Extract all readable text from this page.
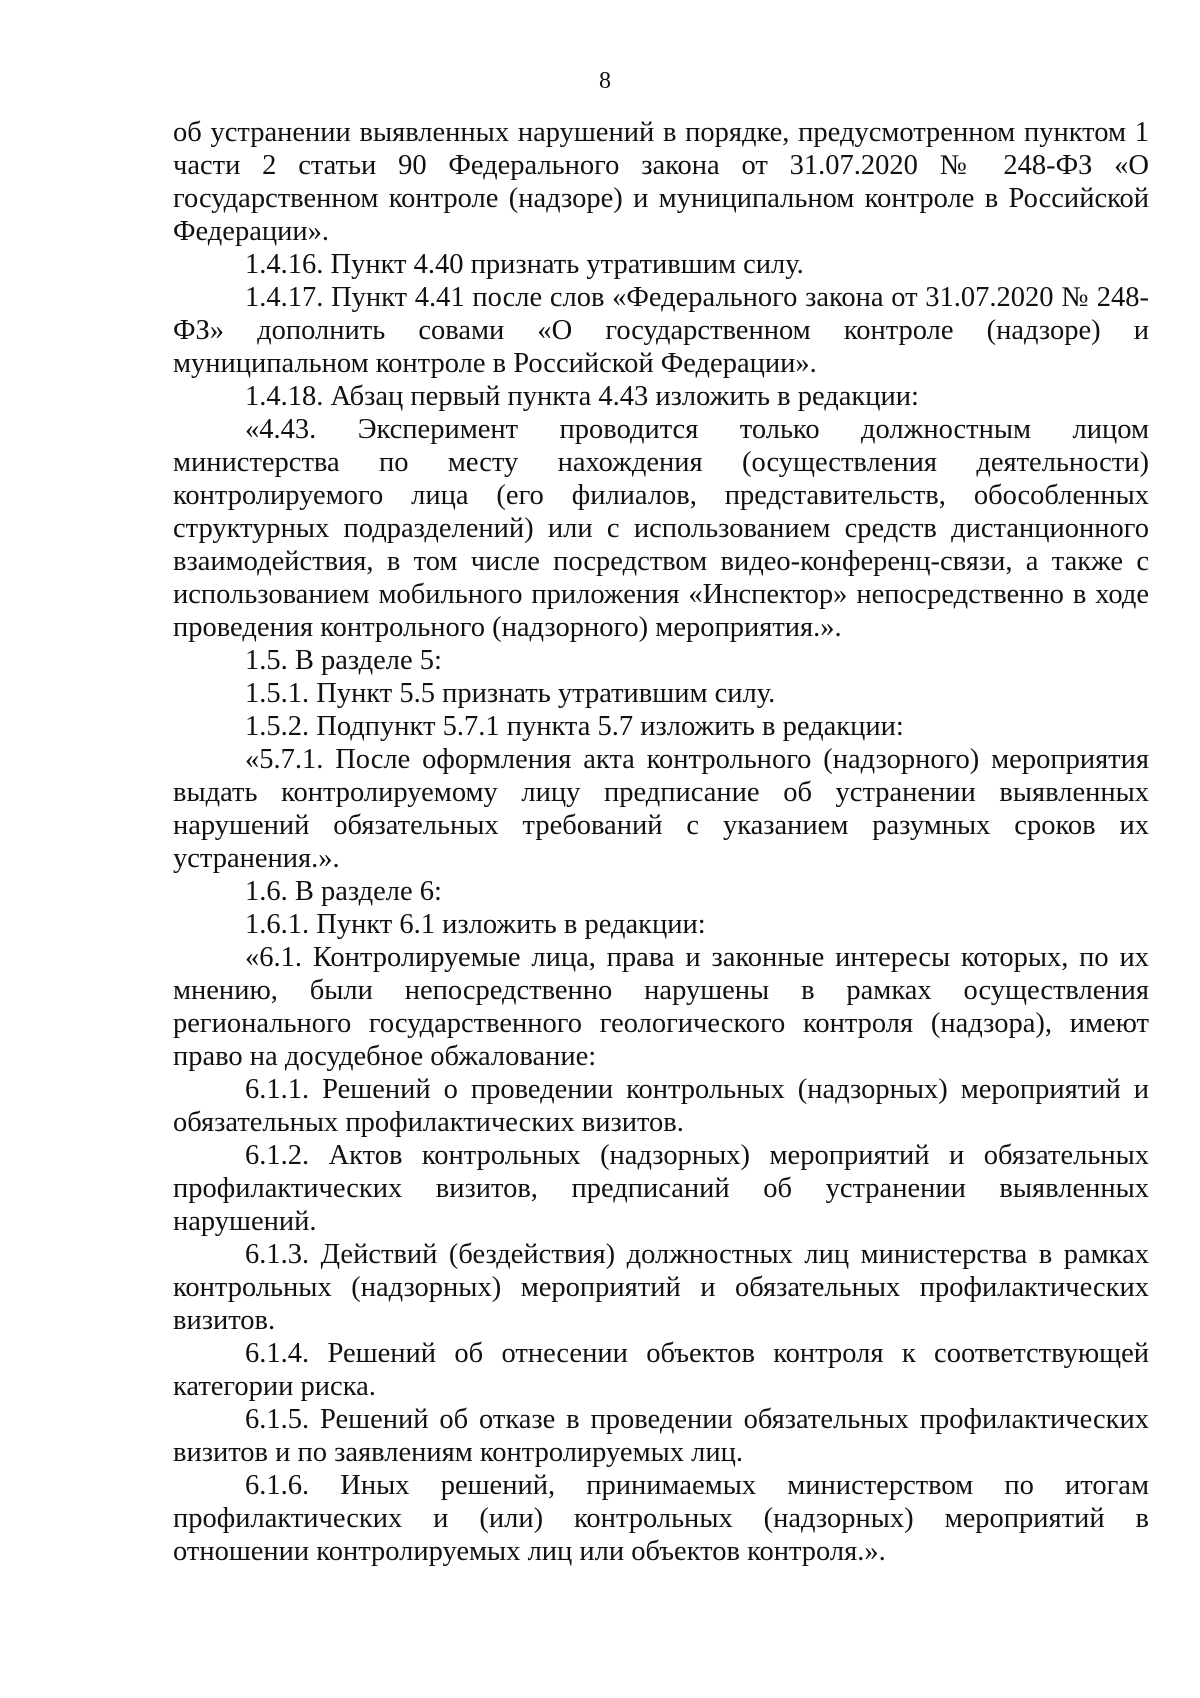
8

об устранении выявленных нарушений в порядке, предусмотренном пунктом 1 части 2 статьи 90 Федерального закона от 31.07.2020 № 248-ФЗ «О государственном контроле (надзоре) и муниципальном контроле в Российской Федерации».

1.4.16. Пункт 4.40 признать утратившим силу.

1.4.17. Пункт 4.41 после слов «Федерального закона от 31.07.2020 № 248-ФЗ» дополнить совами «О государственном контроле (надзоре) и муниципальном контроле в Российской Федерации».

1.4.18. Абзац первый пункта 4.43 изложить в редакции:

«4.43. Эксперимент проводится только должностным лицом министерства по месту нахождения (осуществления деятельности) контролируемого лица (его филиалов, представительств, обособленных структурных подразделений) или с использованием средств дистанционного взаимодействия, в том числе посредством видео-конференц-связи, а также с использованием мобильного приложения «Инспектор» непосредственно в ходе проведения контрольного (надзорного) мероприятия.».

1.5. В разделе 5:

1.5.1. Пункт 5.5 признать утратившим силу.

1.5.2. Подпункт 5.7.1 пункта 5.7 изложить в редакции:

«5.7.1. После оформления акта контрольного (надзорного) мероприятия выдать контролируемому лицу предписание об устранении выявленных нарушений обязательных требований с указанием разумных сроков их устранения.».

1.6. В разделе 6:

1.6.1. Пункт 6.1 изложить в редакции:

«6.1. Контролируемые лица, права и законные интересы которых, по их мнению, были непосредственно нарушены в рамках осуществления регионального государственного геологического контроля (надзора), имеют право на досудебное обжалование:

6.1.1. Решений о проведении контрольных (надзорных) мероприятий и обязательных профилактических визитов.

6.1.2. Актов контрольных (надзорных) мероприятий и обязательных профилактических визитов, предписаний об устранении выявленных нарушений.

6.1.3. Действий (бездействия) должностных лиц министерства в рамках контрольных (надзорных) мероприятий и обязательных профилактических визитов.

6.1.4. Решений об отнесении объектов контроля к соответствующей категории риска.

6.1.5. Решений об отказе в проведении обязательных профилактических визитов и по заявлениям контролируемых лиц.

6.1.6. Иных решений, принимаемых министерством по итогам профилактических и (или) контрольных (надзорных) мероприятий в отношении контролируемых лиц или объектов контроля.».
